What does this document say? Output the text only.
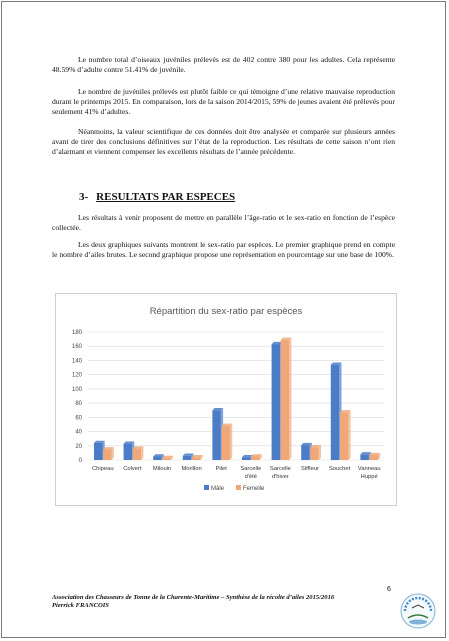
Le nombre total d’oiseaux juvéniles prélevés est de 402 contre 380 pour les adultes. Cela représente 48.59% d’adulte contre 51.41% de juvénile.

Le nombre de juvéniles prélevés est plutôt faible ce qui témoigne d’une relative mauvaise reproduction durant le printemps 2015. En comparaison, lors de la saison 2014/2015, 59% de jeunes avaient été prélevés pour seulement 41% d’adultes.

Néanmoins, la valeur scientifique de ces données doit être analysée et comparée sur plusieurs années avant de tirer des conclusions définitives sur l’état de la reproduction. Les résultats de cette saison n’ont rien d’alarmant et viennent compenser les excellents résultats de l’année précédente.

3- RESULTATS PAR ESPECES

Les résultats à venir proposent de mettre en parallèle l’âge-ratio et le sex-ratio en fonction de l’espèce collectée.

Les deux graphiques suivants montrent le sex-ratio par espèces. Le premier graphique prend en compte le nombre d’ailes brutes. Le second graphique propose une représentation en pourcentage sur une base de 100%.

Répartition du sex-ratio par espèces
0
20
40
60
80
100
120
140
160
180
Chipeau Colvert Milouin Morillon Pilet Sarcelle
d'été
Sarcelle
d'hiver
Siffleur Souchet Vanneau
Huppé
Mâle	Femelle
6
Association des Chasseurs de Tonne de la Charente-Maritime – Synthèse de la récolte d’ailes 2015/2016
Pierrick FRANCOIS
